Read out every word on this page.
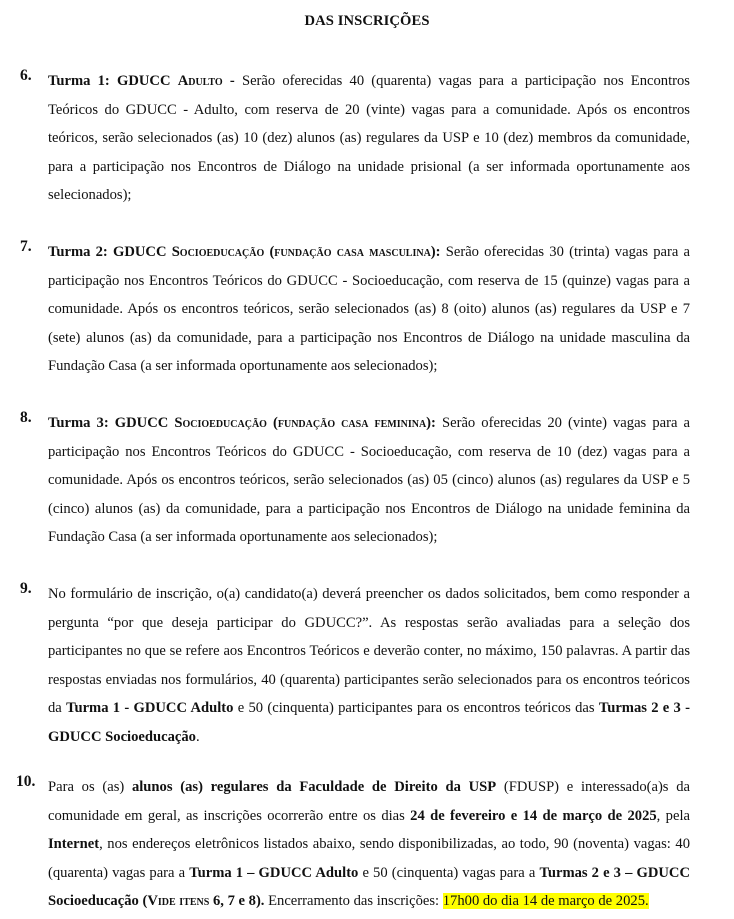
DAS INSCRIÇÕES
6. Turma 1: GDUCC Adulto - Serão oferecidas 40 (quarenta) vagas para a participação nos Encontros Teóricos do GDUCC - Adulto, com reserva de 20 (vinte) vagas para a comunidade. Após os encontros teóricos, serão selecionados (as) 10 (dez) alunos (as) regulares da USP e 10 (dez) membros da comunidade, para a participação nos Encontros de Diálogo na unidade prisional (a ser informada oportunamente aos selecionados);
7. Turma 2: GDUCC Socioeducação (fundação casa masculina): Serão oferecidas 30 (trinta) vagas para a participação nos Encontros Teóricos do GDUCC - Socioeducação, com reserva de 15 (quinze) vagas para a comunidade. Após os encontros teóricos, serão selecionados (as) 8 (oito) alunos (as) regulares da USP e 7 (sete) alunos (as) da comunidade, para a participação nos Encontros de Diálogo na unidade masculina da Fundação Casa (a ser informada oportunamente aos selecionados);
8. Turma 3: GDUCC Socioeducação (fundação casa feminina): Serão oferecidas 20 (vinte) vagas para a participação nos Encontros Teóricos do GDUCC - Socioeducação, com reserva de 10 (dez) vagas para a comunidade. Após os encontros teóricos, serão selecionados (as) 05 (cinco) alunos (as) regulares da USP e 5 (cinco) alunos (as) da comunidade, para a participação nos Encontros de Diálogo na unidade feminina da Fundação Casa (a ser informada oportunamente aos selecionados);
9. No formulário de inscrição, o(a) candidato(a) deverá preencher os dados solicitados, bem como responder a pergunta “por que deseja participar do GDUCC?”. As respostas serão avaliadas para a seleção dos participantes no que se refere aos Encontros Teóricos e deverão conter, no máximo, 150 palavras. A partir das respostas enviadas nos formulários, 40 (quarenta) participantes serão selecionados para os encontros teóricos da Turma 1 - GDUCC Adulto e 50 (cinquenta) participantes para os encontros teóricos das Turmas 2 e 3 - GDUCC Socioeducação.
10. Para os (as) alunos (as) regulares da Faculdade de Direito da USP (FDUSP) e interessado(a)s da comunidade em geral, as inscrições ocorrerão entre os dias 24 de fevereiro e 14 de março de 2025, pela Internet, nos endereços eletrônicos listados abaixo, sendo disponibilizadas, ao todo, 90 (noventa) vagas: 40 (quarenta) vagas para a Turma 1 – GDUCC Adulto e 50 (cinquenta) vagas para a Turmas 2 e 3 – GDUCC Socioeducação (Vide itens 6, 7 e 8). Encerramento das inscrições: 17h00 do dia 14 de março de 2025.
